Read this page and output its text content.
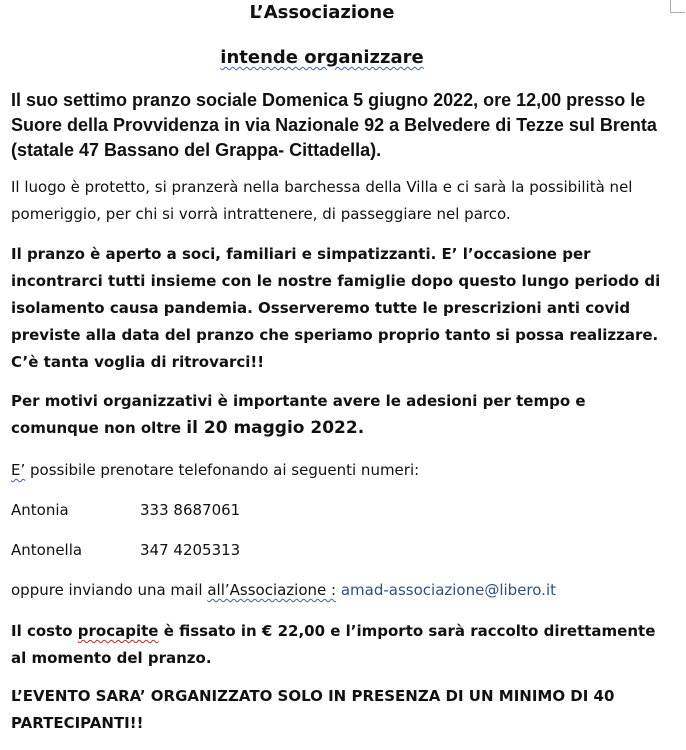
L’Associazione
intende organizzare
Il suo settimo pranzo sociale Domenica 5 giugno 2022, ore 12,00 presso le Suore della Provvidenza in via Nazionale 92 a Belvedere di Tezze sul Brenta (statale 47 Bassano del Grappa- Cittadella).
Il luogo è protetto, si pranzerà nella barchessa della Villa e ci sarà la possibilità nel pomeriggio, per chi si vorrà intrattenere, di passeggiare nel parco.
Il pranzo è aperto a soci, familiari e simpatizzanti. E’ l’occasione per incontrarci tutti insieme con le nostre famiglie dopo questo lungo periodo di isolamento causa pandemia. Osserveremo tutte le prescrizioni anti covid previste alla data del pranzo che speriamo proprio tanto si possa realizzare. C’è tanta voglia di ritrovarci!!
Per motivi organizzativi è importante avere le adesioni per tempo e comunque non oltre il 20 maggio 2022.
E’ possibile prenotare telefonando ai seguenti numeri:
Antonia	333 8687061
Antonella	347 4205313
oppure inviando una mail all’Associazione : amad-associazione@libero.it
Il costo procapite è fissato in € 22,00 e l’importo sarà raccolto direttamente al momento del pranzo.
L’EVENTO SARA’ ORGANIZZATO SOLO IN PRESENZA DI UN MINIMO DI 40 PARTECIPANTI!!
